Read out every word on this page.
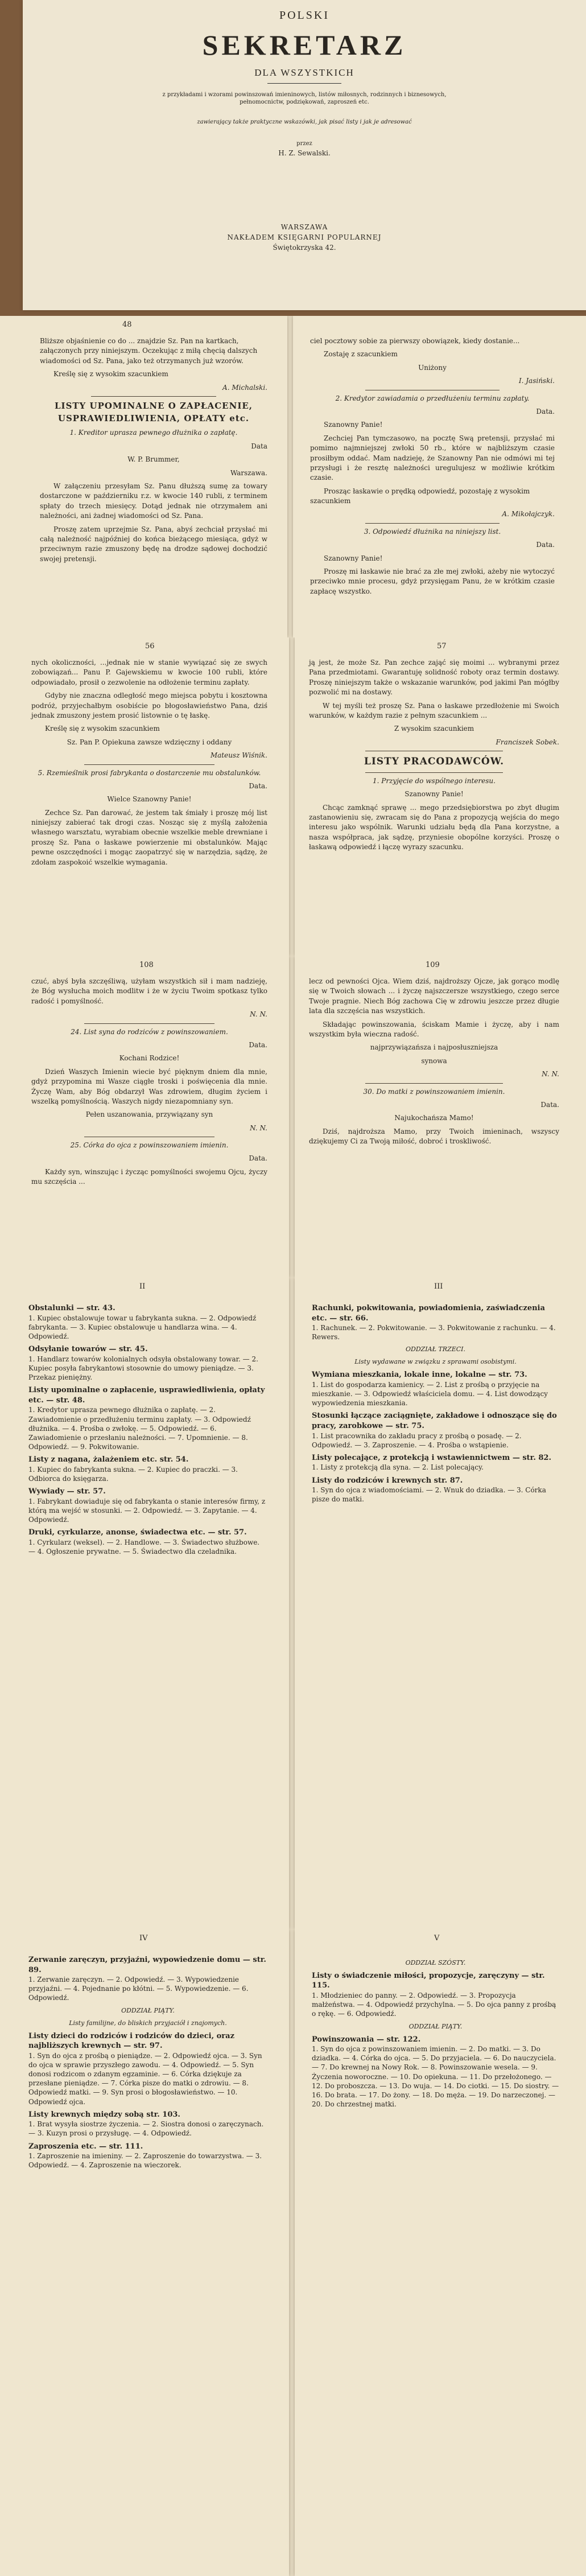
POLSKI
SEKRETARZ
DLA WSZYSTKICH
z przykładami i wzorami powinszowań imieninowych, listów miłosnych, rodzinnych i biznesowych, pełnomocnictw, podziękowań, zaproszeń etc.
zawierający także praktyczne wskazówki, jak pisać listy i jak je adresować
przez
H. Z. Sewalski.
WARSZAWA
NAKŁADEM KSIĘGARNI POPULARNEJ
Świętokrzyska 42.
48

Bliższe objaśnienie co do ... znajdzie Sz. Pan na kartkach, załączonych przy niniejszym. Oczekując z miłą chęcią dalszych wiadomości od Sz. Pana, jako też otrzymanych już wzorów.

Kreślę się z wysokim szacunkiem

A. Michalski.

LISTY UPOMINALNE O ZAPŁACENIE, USPRAWIEDLIWIENIA, OPŁATY etc.

1. Kreditor uprasza pewnego dłużnika o zapłatę.

Data

W. P. Brummer,

Warszawa.

W załączeniu przesyłam Sz. Panu dłuższą sumę za towary dostarczone w październiku r.z. w kwocie 140 rubli, z terminem spłaty do trzech miesięcy. Dotąd jednak nie otrzymałem ani należności, ani żadnej wiadomości od Sz. Pana.

Proszę zatem uprzejmie Sz. Pana, abyś zechciał przysłać mi całą należność najpóźniej do końca bieżącego miesiąca, gdyż w przeciwnym razie zmuszony będę na drodze sądowej dochodzić swojej pretensji.

ciel pocztowy sobie za pierwszy obowiązek, kiedy dostanie...

Zostaję z szacunkiem

Uniżony

I. Jasiński.

2. Kredytor zawiadamia o przedłużeniu terminu zapłaty.

Data.

Szanowny Panie!

Zechciej Pan tymczasowo, na pocztę Swą pretensji, przysłać mi pomimo najmniejszej zwłoki 50 rb., które w najbliższym czasie prosiłbym oddać. Mam nadzieję, że Szanowny Pan nie odmówi mi tej przysługi i że resztę należności uregulujesz w możliwie krótkim czasie.

Prosząc łaskawie o prędką odpowiedź, pozostaję z wysokim szacunkiem

A. Mikołajczyk.

3. Odpowiedź dłużnika na niniejszy list.

Data.

Szanowny Panie!

Proszę mi łaskawie nie brać za złe mej zwłoki, ażeby nie wytoczyć przeciwko mnie procesu, gdyż przysięgam Panu, że w krótkim czasie zapłacę wszystko.

56

nych okoliczności, ...jednak nie w stanie wywiązać się ze swych zobowiązań... Panu P. Gajewskiemu w kwocie 100 rubli, które odpowiadało, prosił o zezwolenie na odłożenie terminu zapłaty.

Gdyby nie znaczna odległość mego miejsca pobytu i kosztowna podróż, przyjechałbym osobiście po błogosławieństwo Pana, dziś jednak zmuszony jestem prosić listownie o tę łaskę.

Kreślę się z wysokim szacunkiem

Sz. Pan P. Opiekuna zawsze wdzięczny i oddany

Mateusz Wiśnik.

5. Rzemieślnik prosi fabrykanta o dostarczenie mu obstalunków.

Data.

Wielce Szanowny Panie!

Zechce Sz. Pan darować, że jestem tak śmiały i proszę mój list niniejszy zabierać tak drogi czas. Nosząc się z myślą założenia własnego warsztatu, wyrabiam obecnie wszelkie meble drewniane i proszę Sz. Pana o łaskawe powierzenie mi obstalunków. Mając pewne oszczędności i mogąc zaopatrzyć się w narzędzia, sądzę, że zdołam zaspokoić wszelkie wymagania.

57

ją jest, że może Sz. Pan zechce zająć się moimi ... wybranymi przez Pana przedmiotami. Gwarantuję solidność roboty oraz termin dostawy. Proszę niniejszym także o wskazanie warunków, pod jakimi Pan mógłby pozwolić mi na dostawy.

W tej myśli też proszę Sz. Pana o łaskawe przedłożenie mi Swoich warunków, w każdym razie z pełnym szacunkiem ...

Z wysokim szacunkiem

Franciszek Sobek.

LISTY PRACODAWCÓW.

1. Przyjęcie do wspólnego interesu.

Szanowny Panie!

Chcąc zamknąć sprawę ... mego przedsiębiorstwa po zbyt długim zastanowieniu się, zwracam się do Pana z propozycją wejścia do mego interesu jako wspólnik. Warunki udziału będą dla Pana korzystne, a nasza współpraca, jak sądzę, przyniesie obopólne korzyści. Proszę o łaskawą odpowiedź i łączę wyrazy szacunku.

108

czuć, abyś była szczęśliwą, użyłam wszystkich sił i mam nadzieję, że Bóg wysłucha moich modlitw i że w życiu Twoim spotkasz tylko radość i pomyślność.

N. N.

24. List syna do rodziców z powinszowaniem.

Data.

Kochani Rodzice!

Dzień Waszych Imienin wiecie być pięknym dniem dla mnie, gdyż przypomina mi Wasze ciągłe troski i poświęcenia dla mnie. Życzę Wam, aby Bóg obdarzył Was zdrowiem, długim życiem i wszelką pomyślnością. Waszych nigdy niezapomniany syn.

Pełen uszanowania, przywiązany syn

N. N.

25. Córka do ojca z powinszowaniem imienin.

Data.

Każdy syn, winszując i życząc pomyślności swojemu Ojcu, życzy mu szczęścia ...

109

lecz od pewności Ojca. Wiem dziś, najdroższy Ojcze, jak gorąco modlę się w Twoich słowach ... i życzę najszczersze wszystkiego, czego serce Twoje pragnie. Niech Bóg zachowa Cię w zdrowiu jeszcze przez długie lata dla szczęścia nas wszystkich.

Składając powinszowania, ściskam Mamie i życzę, aby i nam wszystkim była wieczna radość.

najprzywiązańsza i najposłuszniejsza

synowa

N. N.

30. Do matki z powinszowaniem imienin.

Data.

Najukochańsza Mamo!

Dziś, najdroższa Mamo, przy Twoich imieninach, wszyscy dziękujemy Ci za Twoją miłość, dobroć i troskliwość.

II
Obstalunki — str. 43.
1. Kupiec obstalowuje towar u fabrykanta sukna. — 2. Odpowiedź fabrykanta. — 3. Kupiec obstalowuje u handlarza wina. — 4. Odpowiedź.
Odsyłanie towarów — str. 45.
1. Handlarz towarów kolonialnych odsyła obstalowany towar. — 2. Kupiec posyła fabrykantowi stosownie do umowy pieniądze. — 3. Przekaz pieniężny.
Listy upominalne o zapłacenie, usprawiedliwienia, opłaty etc. — str. 48.
1. Kredytor uprasza pewnego dłużnika o zapłatę. — 2. Zawiadomienie o przedłużeniu terminu zapłaty. — 3. Odpowiedź dłużnika. — 4. Prośba o zwłokę. — 5. Odpowiedź. — 6. Zawiadomienie o przesłaniu należności. — 7. Upomnienie. — 8. Odpowiedź. — 9. Pokwitowanie.
Listy z nagana, żalażeniem etc. str. 54.
1. Kupiec do fabrykanta sukna. — 2. Kupiec do praczki. — 3. Odbiorca do księgarza.
Wywiady — str. 57.
1. Fabrykant dowiaduje się od fabrykanta o stanie interesów firmy, z którą ma wejść w stosunki. — 2. Odpowiedź. — 3. Zapytanie. — 4. Odpowiedź.
Druki, cyrkularze, anonse, świadectwa etc. — str. 57.
1. Cyrkularz (weksel). — 2. Handlowe. — 3. Świadectwo służbowe. — 4. Ogłoszenie prywatne. — 5. Świadectwo dla czeladnika.
III
Rachunki, pokwitowania, powiadomienia, zaświadczenia etc. — str. 66.
1. Rachunek. — 2. Pokwitowanie. — 3. Pokwitowanie z rachunku. — 4. Rewers.
ODDZIAŁ TRZECI.
Listy wydawane w związku z sprawami osobistymi.
Wymiana mieszkania, lokale inne, lokalne — str. 73.
1. List do gospodarza kamienicy. — 2. List z prośbą o przyjęcie na mieszkanie. — 3. Odpowiedź właściciela domu. — 4. List dowodzący wypowiedzenia mieszkania.
Stosunki łączące zaciągnięte, zakładowe i odnoszące się do pracy, zarobkowe — str. 75.
1. List pracownika do zakładu pracy z prośbą o posadę. — 2. Odpowiedź. — 3. Zaproszenie. — 4. Prośba o wstąpienie.
Listy polecające, z protekcją i wstawiennictwem — str. 82.
1. Listy z protekcją dla syna. — 2. List polecający.
Listy do rodziców i krewnych str. 87.
1. Syn do ojca z wiadomościami. — 2. Wnuk do dziadka. — 3. Córka pisze do matki.
IV
Zerwanie zaręczyn, przyjaźni, wypowiedzenie domu — str. 89.
1. Zerwanie zaręczyn. — 2. Odpowiedź. — 3. Wypowiedzenie przyjaźni. — 4. Pojednanie po kłótni. — 5. Wypowiedzenie. — 6. Odpowiedź.
ODDZIAŁ PIĄTY.
Listy familijne, do bliskich przyjaciół i znajomych.
Listy dzieci do rodziców i rodziców do dzieci, oraz najbliższych krewnych — str. 97.
1. Syn do ojca z prośbą o pieniądze. — 2. Odpowiedź ojca. — 3. Syn do ojca w sprawie przyszłego zawodu. — 4. Odpowiedź. — 5. Syn donosi rodzicom o zdanym egzaminie. — 6. Córka dziękuje za przesłane pieniądze. — 7. Córka pisze do matki o zdrowiu. — 8. Odpowiedź matki. — 9. Syn prosi o błogosławieństwo. — 10. Odpowiedź ojca.
Listy krewnych między sobą str. 103.
1. Brat wysyła siostrze życzenia. — 2. Siostra donosi o zaręczynach. — 3. Kuzyn prosi o przysługę. — 4. Odpowiedź.
Zaproszenia etc. — str. 111.
1. Zaproszenie na imieniny. — 2. Zaproszenie do towarzystwa. — 3. Odpowiedź. — 4. Zaproszenie na wieczorek.
V
ODDZIAŁ SZÓSTY.
Listy o świadczenie miłości, propozycje, zaręczyny — str. 115.
1. Młodzieniec do panny. — 2. Odpowiedź. — 3. Propozycja małżeństwa. — 4. Odpowiedź przychylna. — 5. Do ojca panny z prośbą o rękę. — 6. Odpowiedź.
ODDZIAŁ PIĄTY.
Powinszowania — str. 122.
1. Syn do ojca z powinszowaniem imienin. — 2. Do matki. — 3. Do dziadka. — 4. Córka do ojca. — 5. Do przyjaciela. — 6. Do nauczyciela. — 7. Do krewnej na Nowy Rok. — 8. Powinszowanie wesela. — 9. Życzenia noworoczne. — 10. Do opiekuna. — 11. Do przełożonego. — 12. Do proboszcza. — 13. Do wuja. — 14. Do ciotki. — 15. Do siostry. — 16. Do brata. — 17. Do żony. — 18. Do męża. — 19. Do narzeczonej. — 20. Do chrzestnej matki.
